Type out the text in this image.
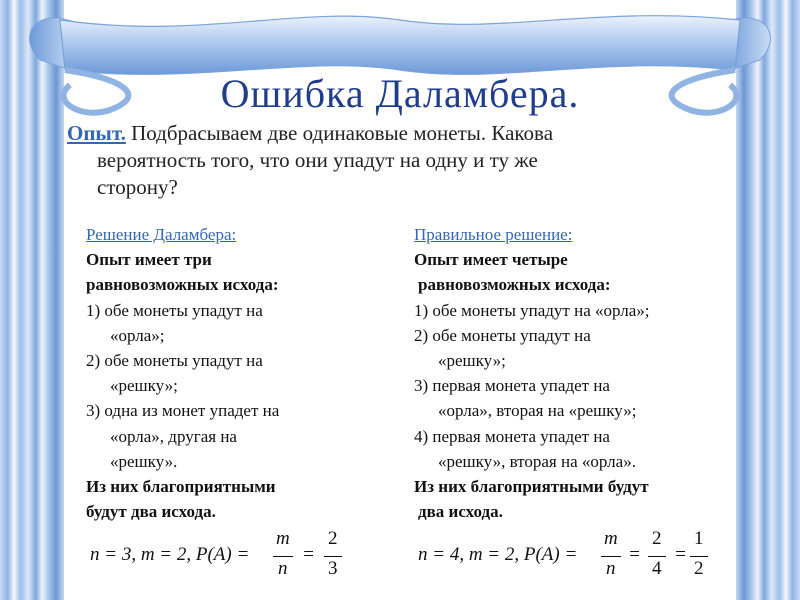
Ошибка Даламбера.
Опыт. Подбрасываем две одинаковые монеты. Какова
вероятность того, что они упадут на одну и ту же
сторону?
Решение Даламбера:
Опыт имеет три
равновозможных исхода:
1) обе монеты упадут на
«орла»;
2) обе монеты упадут на
«решку»;
3) одна из монет упадет на
«орла», другая на
«решку».
Из них благоприятными
будут два исхода.
Правильное решение:
Опыт имеет четыре
равновозможных исхода:
1) обе монеты упадут на «орла»;
2) обе монеты упадут на
«решку»;
3) первая монета упадет на
«орла», вторая на «решку»;
4) первая монета упадет на
«решку», вторая на «орла».
Из них благоприятными будут
два исхода.
n = 3, m = 2, P(A) =
m
n
=
2
3
n = 4, m = 2, P(A) =
m
n
=
2
4
=
1
2
